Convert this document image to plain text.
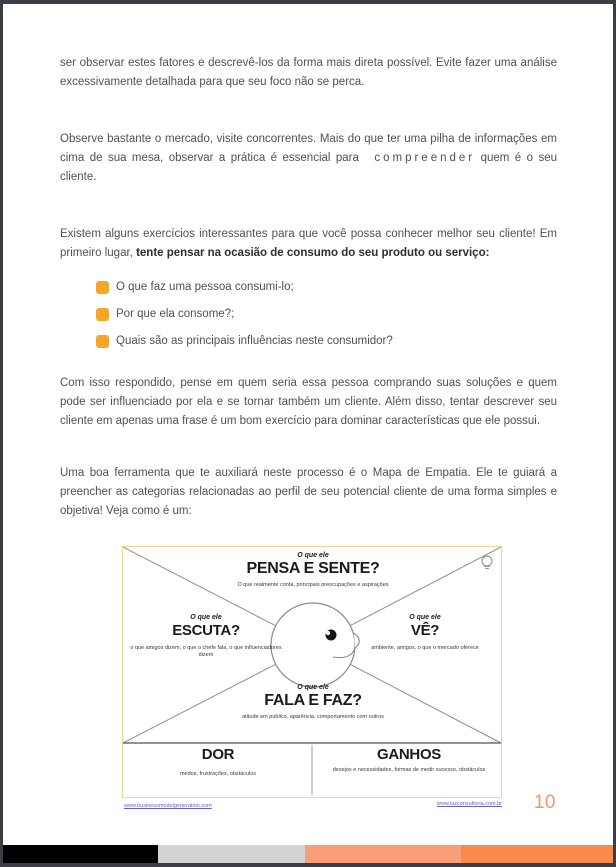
ser observar estes fatores e descrevê-los da forma mais direta possível. Evite fazer uma análise excessivamente detalhada para que seu foco não se perca.

Observe bastante o mercado, visite concorrentes. Mais do que ter uma pilha de informações em cima de sua mesa, observar a prática é essencial para compreender quem é o seu cliente.

Existem alguns exercícios interessantes para que você possa conhecer melhor seu cliente! Em primeiro lugar, tente pensar na ocasião de consumo do seu produto ou serviço:

O que faz uma pessoa consumi-lo;
Por que ela consome?;
Quais são as principais influências neste consumidor?

Com isso respondido, pense em quem seria essa pessoa comprando suas soluções e quem pode ser influenciado por ela e se tornar também um cliente. Além disso, tentar descrever seu cliente em apenas uma frase é um bom exercício para dominar características que ele possui.

Uma boa ferramenta que te auxiliará neste processo é o Mapa de Empatia. Ele te guiará a preencher as categorias relacionadas ao perfil de seu potencial cliente de uma forma simples e objetiva! Veja como é um:

O que ele
PENSA E SENTE?
O que realmente conta, principais preocupações e aspirações
O que ele
ESCUTA?
o que amigos dizem, o que o chefe fala, o que influenciadores dizem
O que ele
VÊ?
ambiente, amigos, o que o mercado oferece
O que ele
FALA E FAZ?
atitude em público, aparência, comportamento com outros
DOR
medos, frustrações, obstáculos
GANHOS
desejos e necessidades, formas de medir sucesso, obstáculos
www.businessmodelgeneration.com	www.luzconsultoria.com.br 10
